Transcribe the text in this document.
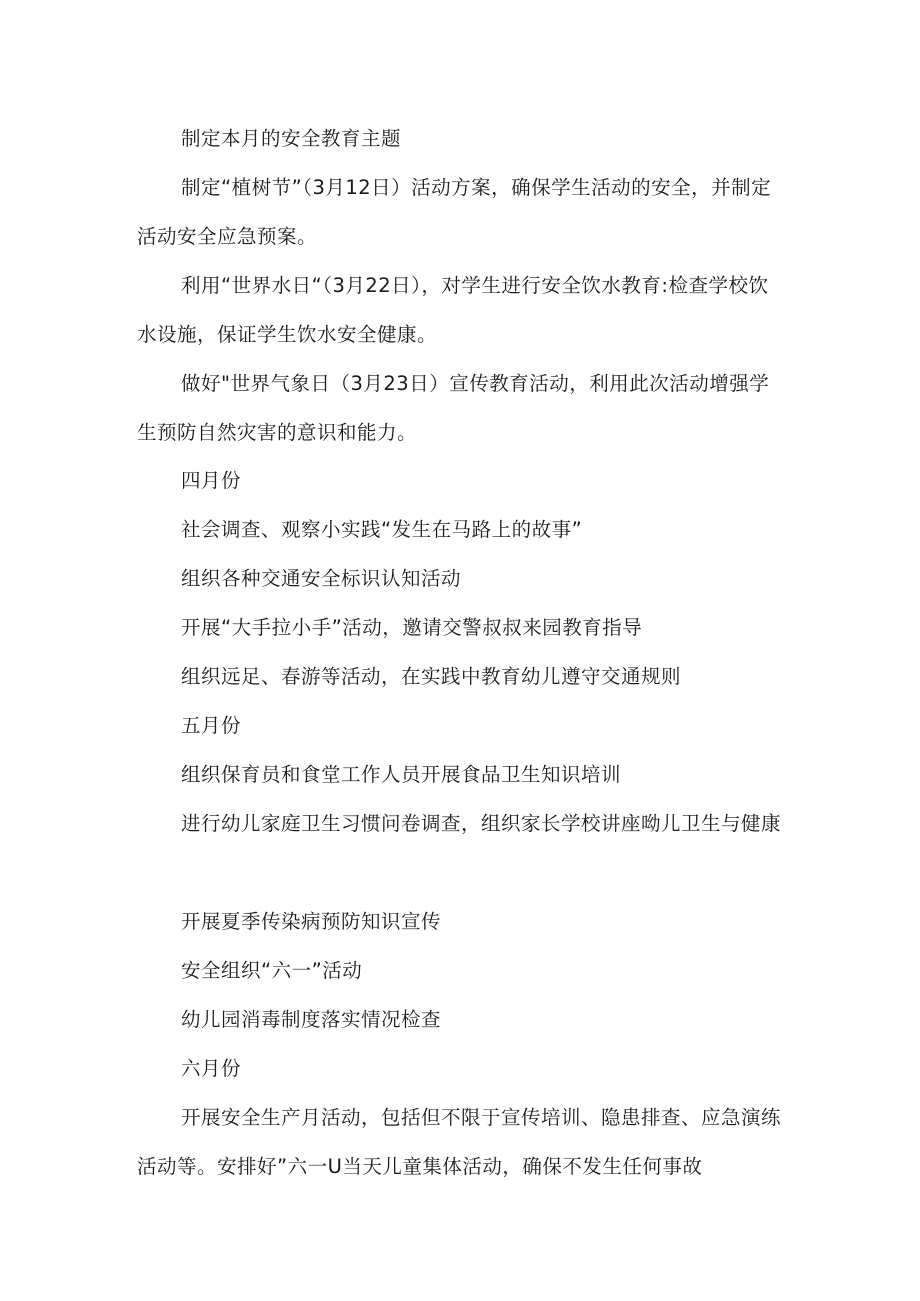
制定本月的安全教育主题

制定“植树节”（3月12日）活动方案，确保学生活动的安全，并制定活动安全应急预案。

利用“世界水日“（3月22日），对学生进行安全饮水教育:检查学校饮水设施，保证学生饮水安全健康。

做好"世界气象日（3月23日）宣传教育活动，利用此次活动增强学生预防自然灾害的意识和能力。

四月份

社会调查、观察小实践“发生在马路上的故事”

组织各种交通安全标识认知活动

开展“大手拉小手”活动，邀请交警叔叔来园教育指导

组织远足、春游等活动，在实践中教育幼儿遵守交通规则

五月份

组织保育员和食堂工作人员开展食品卫生知识培训

进行幼儿家庭卫生习惯问卷调查，组织家长学校讲座呦儿卫生与健康

开展夏季传染病预防知识宣传

安全组织“六一”活动

幼儿园消毒制度落实情况检查

六月份

开展安全生产月活动，包括但不限于宣传培训、隐患排查、应急演练活动等。安排好”六一U当天儿童集体活动，确保不发生任何事故
